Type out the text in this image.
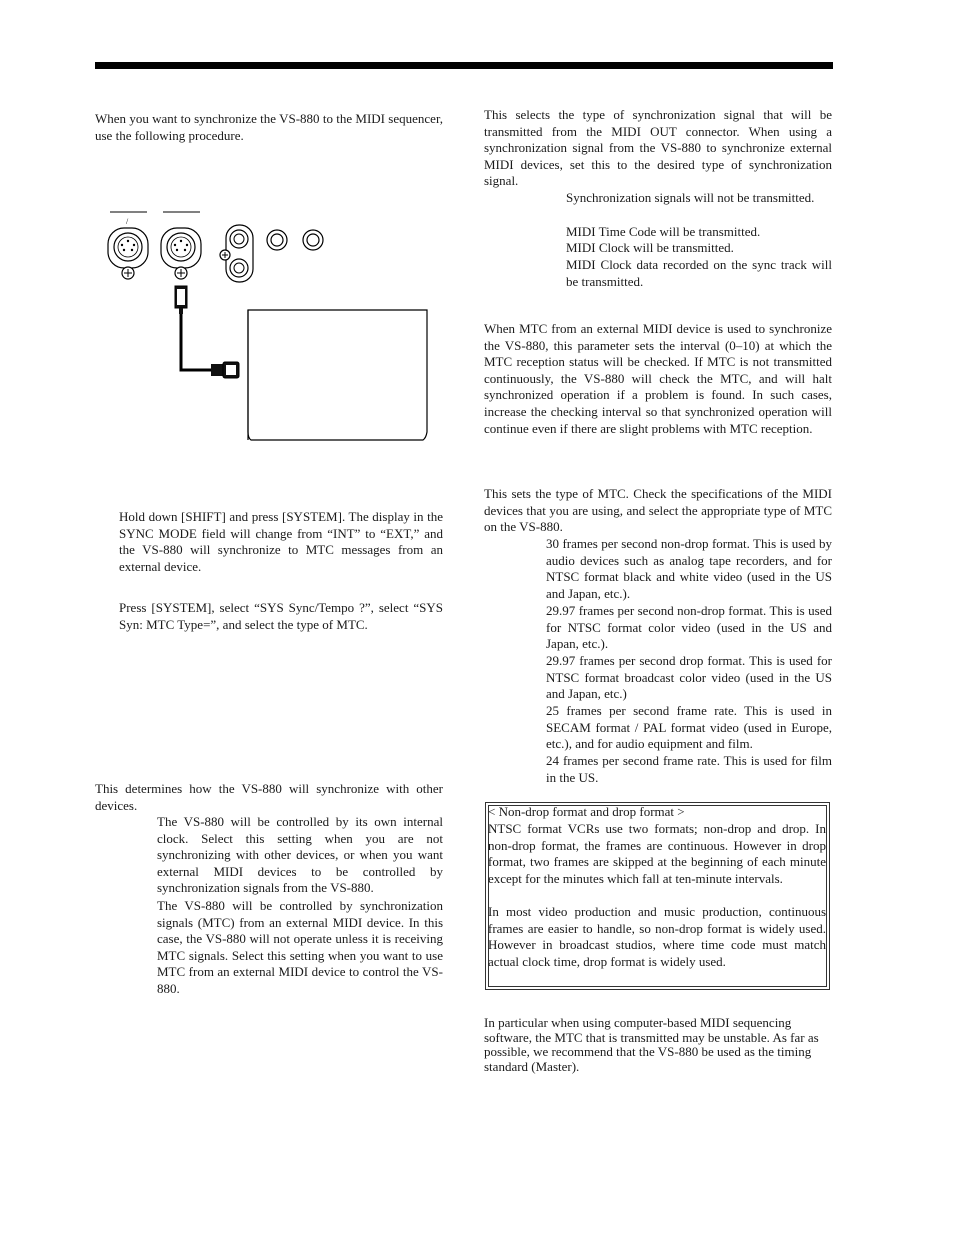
When you want to synchronize the VS-880 to the MIDI sequencer, use the following procedure.

/

Hold down [SHIFT] and press [SYSTEM]. The display in the SYNC MODE field will change from “INT” to “EXT,” and the VS-880 will synchronize to MTC messages from an external device.

Press [SYSTEM], select “SYS Sync/Tempo ?”, select “SYS Syn: MTC Type=”, and select the type of MTC.

This determines how the VS-880 will synchronize with other devices.

The VS-880 will be controlled by its own internal clock. Select this setting when you are not synchronizing with other devices, or when you want external MIDI devices to be controlled by synchronization signals from the VS-880.

The VS-880 will be controlled by synchronization signals (MTC) from an external MIDI device. In this case, the VS-880 will not operate unless it is receiving MTC signals. Select this setting when you want to use MTC from an external MIDI device to control the VS-880.

This selects the type of synchronization signal that will be transmitted from the MIDI OUT connector. When using a synchronization signal from the VS-880 to synchronize external MIDI devices, set this to the desired type of synchronization signal.

Synchronization signals will not be transmitted.

MIDI Time Code will be transmitted.

MIDI Clock will be transmitted.

MIDI Clock data recorded on the sync track will be transmitted.

When MTC from an external MIDI device is used to synchronize the VS-880, this parameter sets the interval (0–10) at which the MTC reception status will be checked. If MTC is not transmitted continuously, the VS-880 will check the MTC, and will halt synchronized operation if a problem is found. In such cases, increase the checking interval so that synchronized operation will continue even if there are slight problems with MTC reception.

This sets the type of MTC. Check the specifications of the MIDI devices that you are using, and select the appropriate type of MTC on the VS-880.

30 frames per second non-drop format. This is used by audio devices such as analog tape recorders, and for NTSC format black and white video (used in the US and Japan, etc.).

29.97 frames per second non-drop format. This is used for NTSC format color video (used in the US and Japan, etc.).

29.97 frames per second drop format. This is used for NTSC format broadcast color video (used in the US and Japan, etc.)

25 frames per second frame rate. This is used in SECAM format / PAL format video (used in Europe, etc.), and for audio equipment and film.

24 frames per second frame rate. This is used for film in the US.

< Non-drop format and drop format >

NTSC format VCRs use two formats; non-drop and drop. In non-drop format, the frames are continuous. However in drop format, two frames are skipped at the beginning of each minute except for the minutes which fall at ten-minute intervals.

In most video production and music production, continuous frames are easier to handle, so non-drop format is widely used. However in broadcast studios, where time code must match actual clock time, drop format is widely used.

In particular when using computer-based MIDI sequencing software, the MTC that is transmitted may be unstable. As far as possible, we recommend that the VS-880 be used as the timing standard (Master).
